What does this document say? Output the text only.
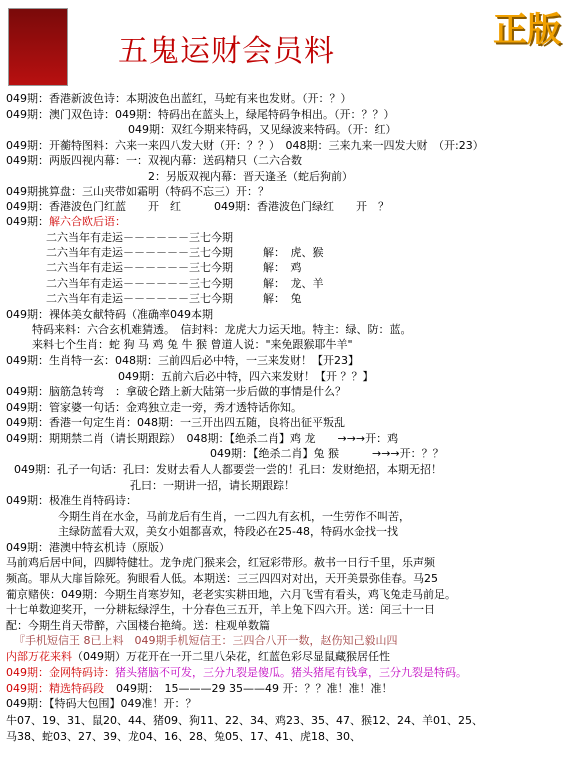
五鬼运财会员料
正版
049期：香港新波色诗：本期波色出蓝红，马蛇有来也发财。（开：？）
049期：澳门双色诗：049期：特码出在蓝头上，绿尾特码争相出。（开：？？）
049期：双红今期来特码，又见绿波来特码。（开：红）
049期：开蘅特图料：六来一来四八发大财（开：？？）　048期：三来九来一四发大财　（开:23）
049期：两版四视内幕：一：双视内幕：送码精只（二六合数
2：另版双视内幕：晋天逢圣（蛇后狗前）
049期挑算盘：三山夹带如霜明（特码不忘三）开：？
049期：香港波色门红蓝　　开　红　　　049期：香港波色门绿红　　开　？
049期：解六合欧后语：
二六当年有走运－－－－－－三七今期
二六当年有走运－－－－－－三七今期	解：　虎、猴
二六当年有走运－－－－－－三七今期	解：　鸡
二六当年有走运－－－－－－三七今期	解：　龙、羊
二六当年有走运－－－－－－三七今期	解：　兔
049期：裸体美女献特码（准确率049本期
特码来料：六合玄机难猜透。　信封料：龙虎大力运天地。特主：绿、防：蓝。
来料七个生肖：蛇 狗 马 鸡 兔 牛 猴 曾道人说："来免跟猴耶牛羊"
049期：生肖特一玄：048期：三前四后必中特，一三来发财！【开23】
049期：五前六后必中特，四六来发财！【开 ？？】
049期：脑筋急转弯　：拿破仑踏上新大陆第一步后做的事情是什么？
049期：管家婆一句话：金鸡独立走一旁，秀才透特话你知。
049期：香港一句定生肖：048期：一三开出四五随，良将出征平叛乱
049期：期期禁二肖（请长期跟踪）　048期：【绝杀二肖】鸡 龙　　→→→开：鸡
049期：【绝杀二肖】兔 猴　　　→→→开：？？
049期：孔子一句话：孔曰：发财去看人人都要尝一尝的！孔曰：发财绝招，本期无招！
孔曰：一期讲一招，请长期跟踪！
049期：极准生肖特码诗：
今期生肖在水金，马前龙后有生肖，一二四九有玄机，一生劳作不叫苦，
主绿防蓝看大双，美女小姐都喜欢，特段必在25-48，特码水金找一找
049期：港澳中特玄机诗（原版）
马前鸡后居中间，四脚特健壮。龙争虎门猴来会，红冠彩带形。赦书一日行千里，乐声频
频高。罪从大扉旨除死。狗眼看人低。本期送：三三四四对对出，天开美景弥佳春。马25
葡京赌侠：049期：今期生肖寒岁知，老老实实耕田地，六月飞雪有看头，鸡飞兔走马前足。
十七单数迎奖开，一分耕耘绿浮生，十分春色三五开，羊上兔下四六开。送：闰三十一日
配：今期生肖天带醉，六国楼台艳绮。送：柱观单数篇
『手机短信王 8已上料　049期手机短信王：三四合八开一数，赵伤知己毅山四
内部万花来料（049期）万花开在一开二里八朵花，红蓝色彩尽显鼠藏猴居任性
049期：金网特码诗：猪头猪脑不可发，三分九裂是傻瓜。猪头猪尾有钱拿，三分九裂是特码。
049期：精选特码段 049期：　15———29 35——49 开：？？准！准！准！
049期：【特码大包围】049准！开：？
牛07、19、31、鼠20、44、猪09、狗11、22、34、鸡23、35、47、猴12、24、羊01、25、
马38、蛇03、27、39、龙04、16、28、兔05、17、41、虎18、30、
